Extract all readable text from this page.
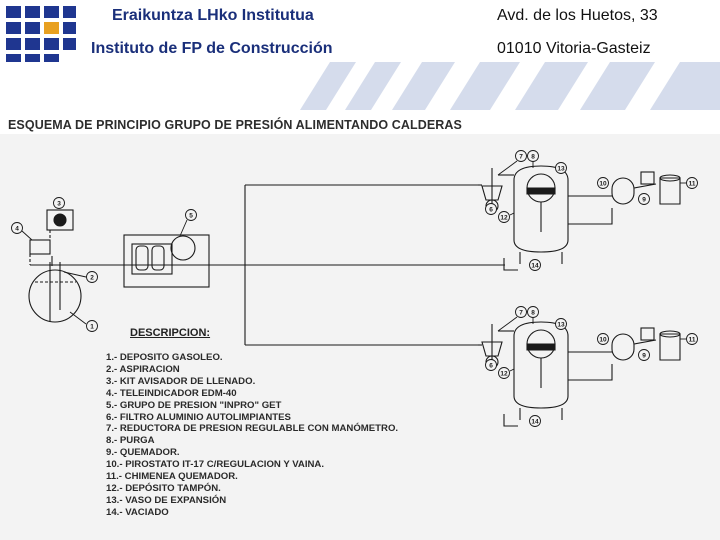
Eraikuntza LHko Institutua
Instituto de FP de Construcción
Avd. de los Huetos, 33
01010 Vitoria-Gasteiz
ESQUEMA DE PRINCIPIO GRUPO DE PRESIÓN ALIMENTANDO CALDERAS
1
2
3
4
5
7 8
13
6
12
9
11
10
14
7 8
13
6
12
9
11
10
14
DESCRIPCION:
1.- DEPOSITO GASOLEO.
2.- ASPIRACION
3.- KIT AVISADOR DE LLENADO.
4.- TELEINDICADOR EDM-40
5.- GRUPO DE PRESION "INPRO" GET
6.- FILTRO ALUMINIO AUTOLIMPIANTES
7.- REDUCTORA DE PRESION REGULABLE CON MANÓMETRO.
8.- PURGA
9.- QUEMADOR.
10.- PIROSTATO IT-17 C/REGULACION Y VAINA.
11.- CHIMENEA QUEMADOR.
12.- DEPÓSITO TAMPÓN.
13.- VASO DE EXPANSIÓN
14.- VACIADO
